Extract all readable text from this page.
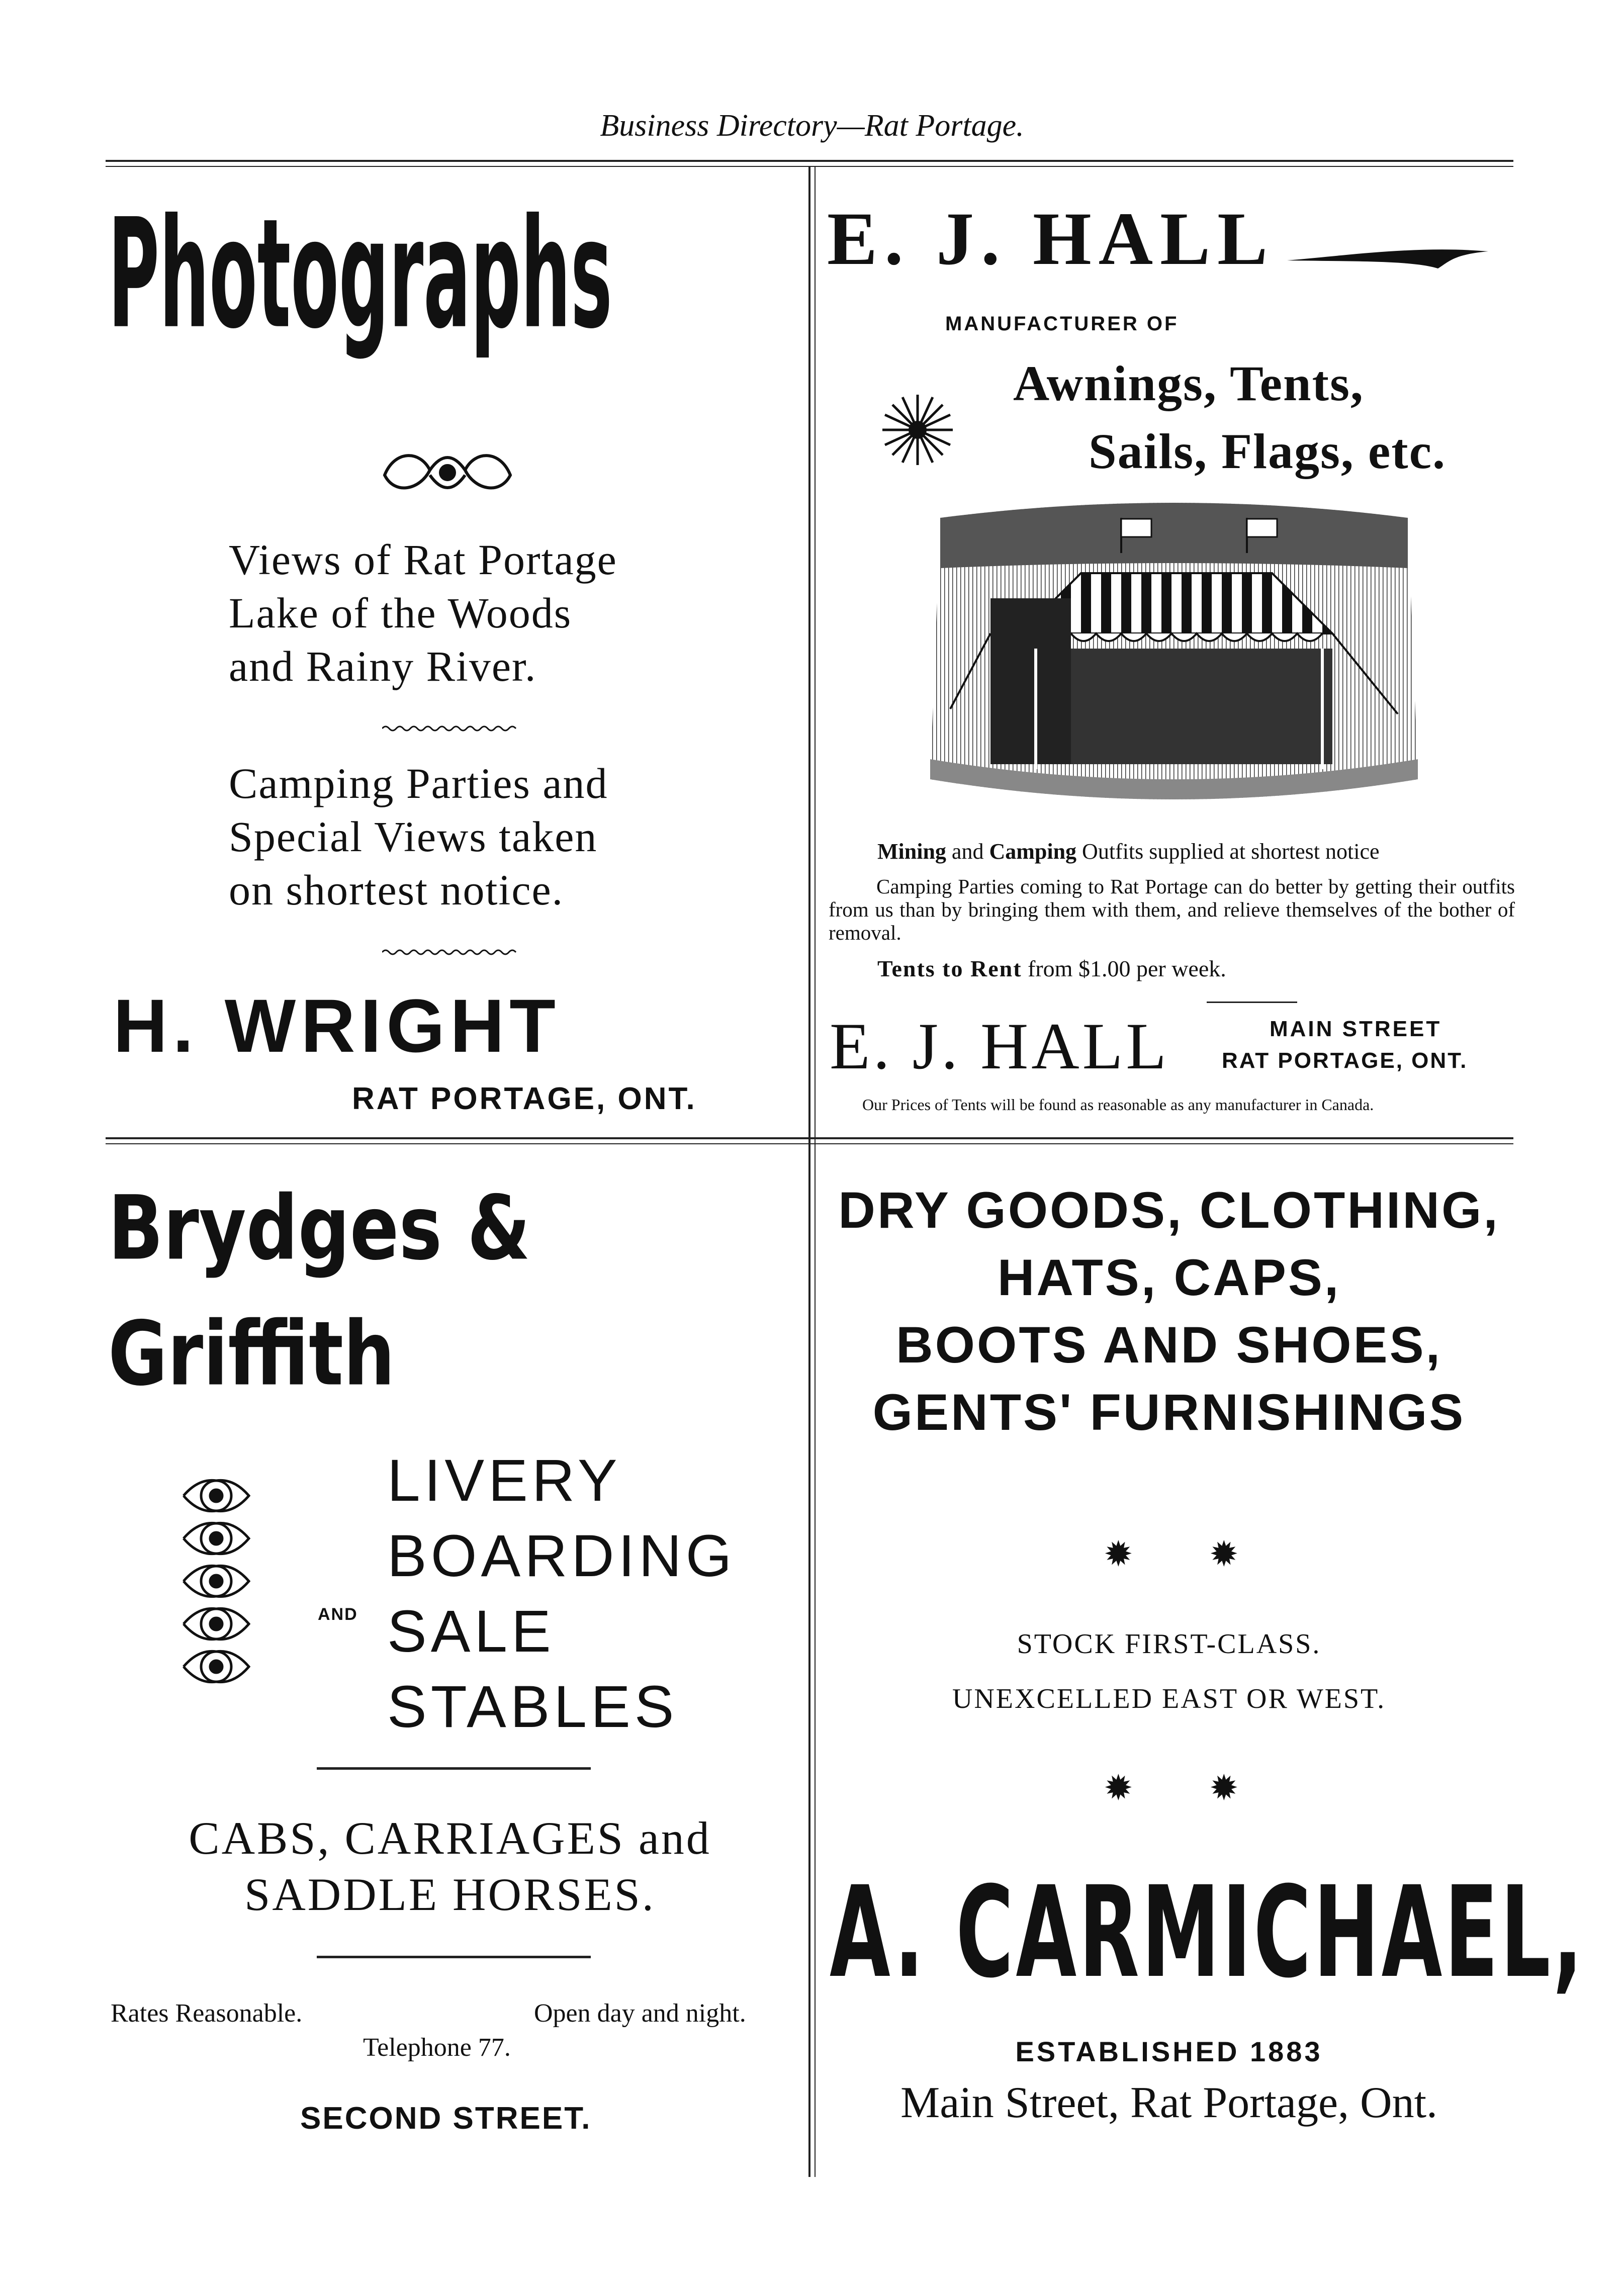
Business Directory—Rat Portage.
Photographs
Views of Rat Portage
Lake of the Woods
and Rainy River.
Camping Parties and
Special Views taken
on shortest notice.
H. WRIGHT
RAT PORTAGE, ONT.
E. J. HALL
MANUFACTURER OF
Awnings, Tents,
Sails, Flags, etc.
Mining and Camping Outfits supplied at shortest notice
Camping Parties coming to Rat Portage can do better by getting their outfits from us than by bringing them with them, and relieve themselves of the bother of removal.
Tents to Rent from $1.00 per week.
E. J. HALL	MAIN STREET
RAT PORTAGE, ONT.
Our Prices of Tents will be found as reasonable as any manufacturer in Canada.
Brydges &
Griffith
LIVERY
BOARDING
SALE
STABLES
AND
CABS, CARRIAGES and
SADDLE HORSES.
Rates Reasonable.	Open day and night.
Telephone 77.
SECOND STREET.
DRY GOODS, CLOTHING,
HATS, CAPS,
BOOTS AND SHOES,
GENTS' FURNISHINGS
✹ ✹
STOCK FIRST-CLASS.
UNEXCELLED EAST OR WEST.
✹ ✹
A. CARMICHAEL,
ESTABLISHED 1883
Main Street, Rat Portage, Ont.
